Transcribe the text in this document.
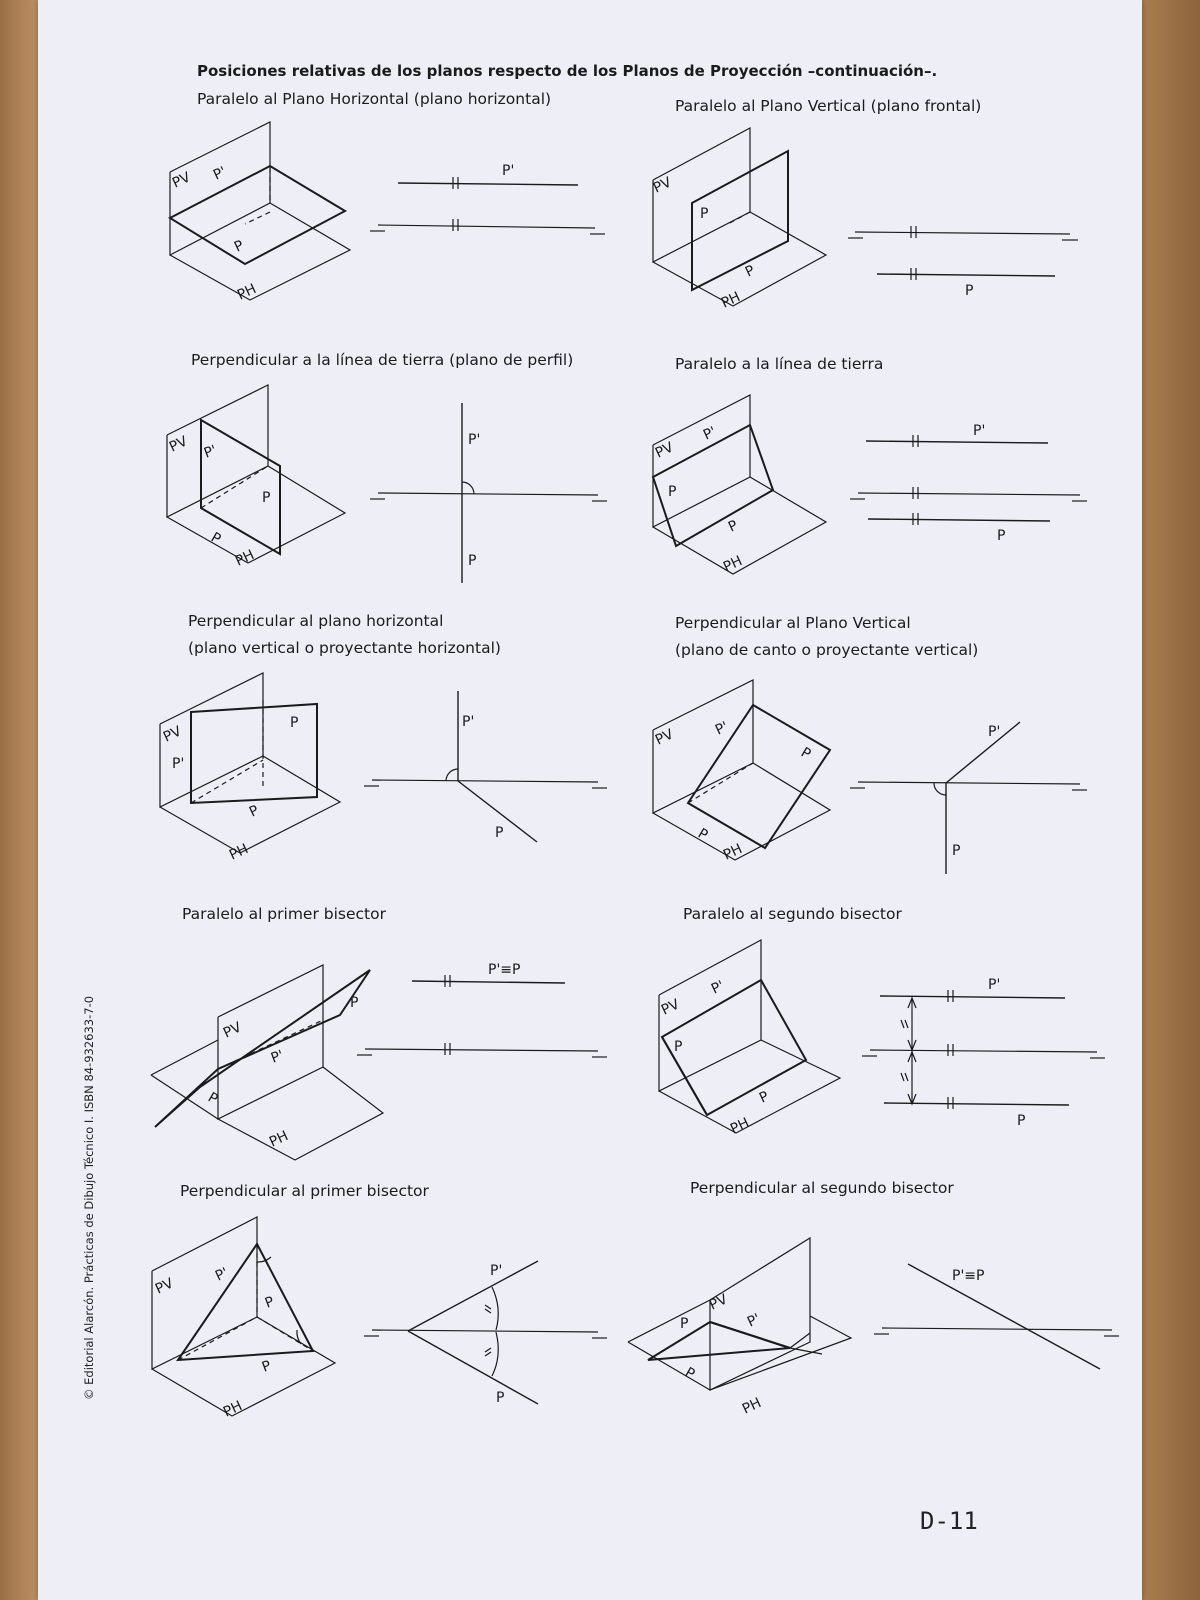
Posiciones relativas de los planos respecto de los Planos de Proyección –continuación–.
Paralelo al Plano Horizontal (plano horizontal)	Paralelo al Plano Vertical (plano frontal)
Perpendicular a la línea de tierra (plano de perfil)	Paralelo a la línea de tierra
Perpendicular al plano horizontal
(plano vertical o proyectante horizontal)
Perpendicular al Plano Vertical
(plano de canto o proyectante vertical)
Paralelo al primer bisector	Paralelo al segundo bisector
Perpendicular al primer bisector	Perpendicular al segundo bisector
PV P'
P
PH
P'
PV
P
P
PH	P
PV P'
P
P
PH
P'
P
PV
P'
P
P
PH
P'
P
PV
P'
P
P
PH
P'
P
PV	P'
P
P
PH
P'
P
PV
P'
P
P
PH
P'≡P
PV
P'
P
P
PH
P'
P
PV
P'
P
P
PH
P'
P
PV
P	P'
P
PH
P'≡P
© Editorial Alarcón. Prácticas de Dibujo Técnico I. ISBN 84-932633-7-0
D-11
